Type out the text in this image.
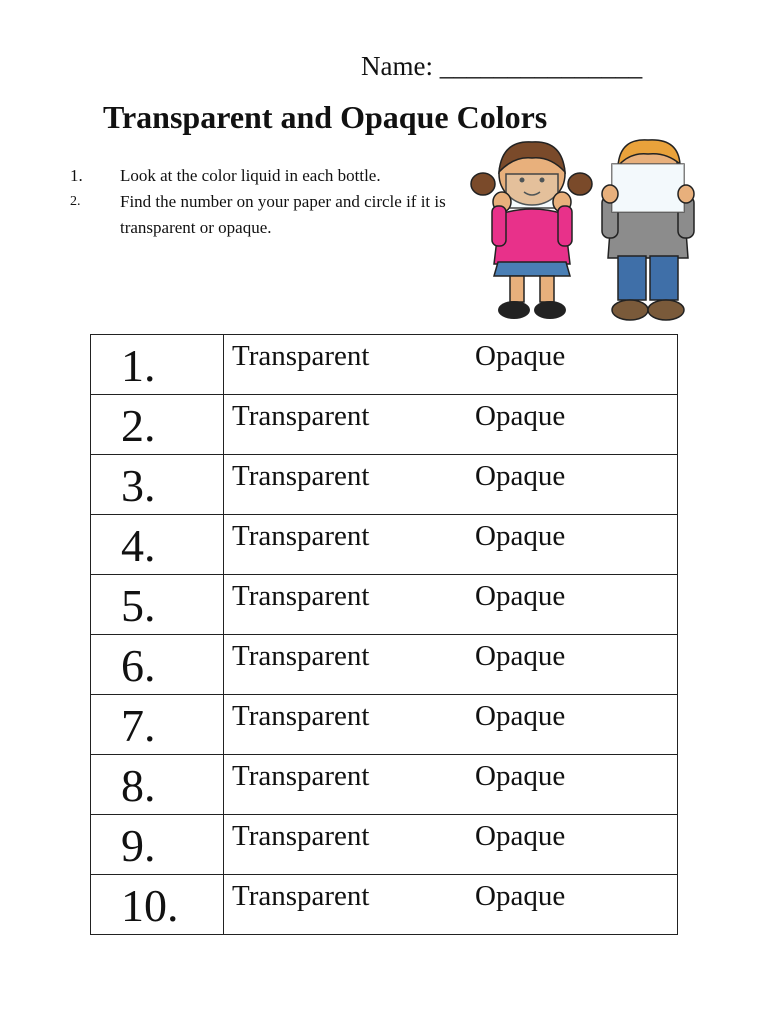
Name: _______________
Transparent and Opaque Colors
1.	Look at the color liquid in each bottle.
2.	Find the number on your paper and circle if it is transparent or opaque.
1.	Transparent Opaque

2.	Transparent Opaque

3.	Transparent Opaque

4.	Transparent Opaque

5.	Transparent Opaque

6.	Transparent Opaque

7.	Transparent Opaque

8.	Transparent Opaque

9.	Transparent Opaque

10.	Transparent Opaque
